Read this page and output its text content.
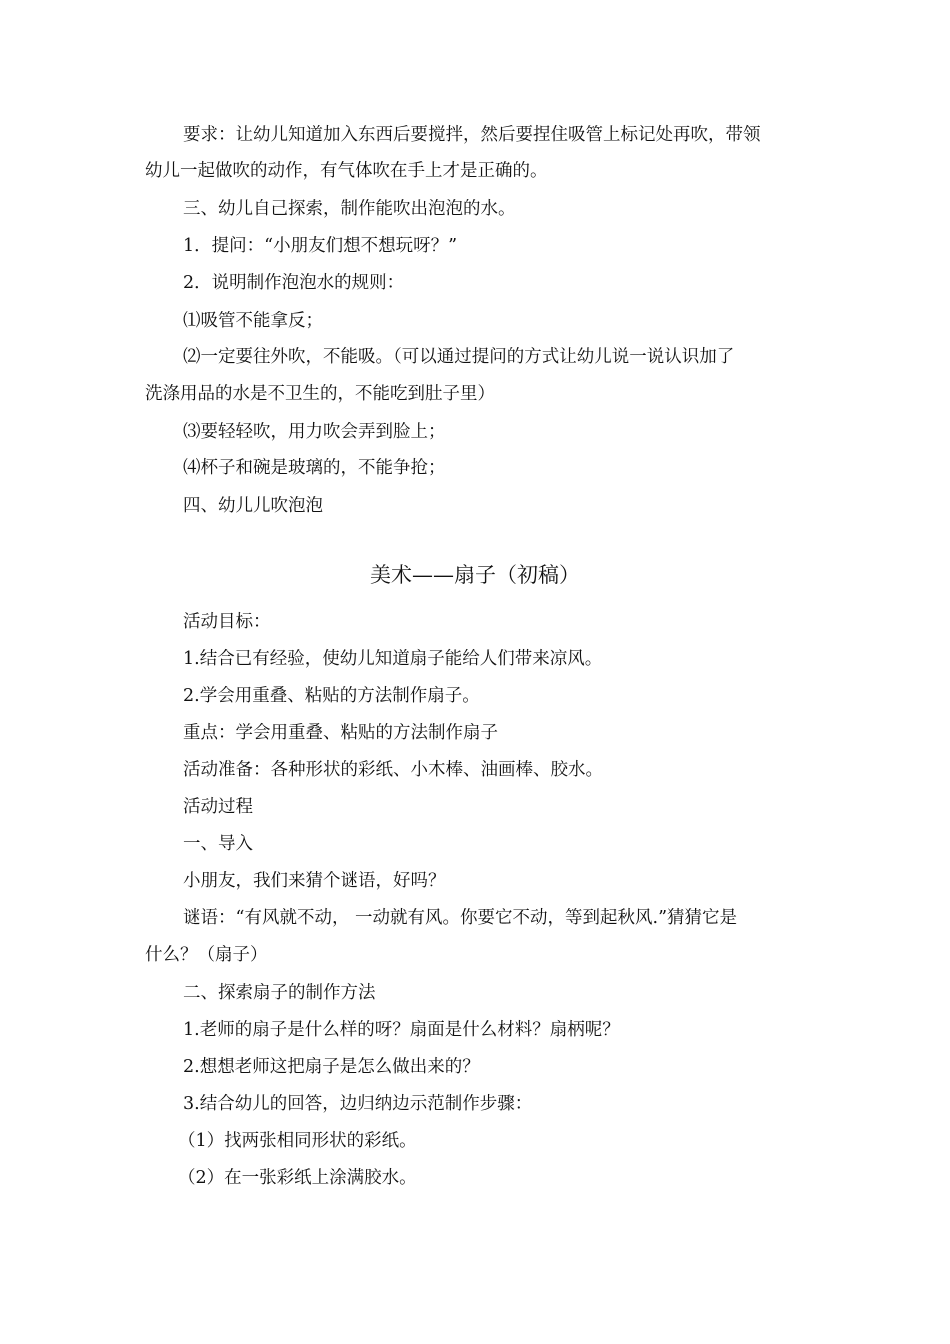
要求：让幼儿知道加入东西后要搅拌，然后要捏住吸管上标记处再吹，带领
幼儿一起做吹的动作，有气体吹在手上才是正确的。
三、幼儿自己探索，制作能吹出泡泡的水。
1．提问：“小朋友们想不想玩呀？”
2．说明制作泡泡水的规则：
⑴吸管不能拿反；
⑵一定要往外吹，不能吸。（可以通过提问的方式让幼儿说一说认识加了
洗涤用品的水是不卫生的，不能吃到肚子里）
⑶要轻轻吹，用力吹会弄到脸上；
⑷杯子和碗是玻璃的，不能争抢；
四、幼儿儿吹泡泡
美术——扇子（初稿）
活动目标：
1.结合已有经验，使幼儿知道扇子能给人们带来凉风。
2.学会用重叠、粘贴的方法制作扇子。
重点：学会用重叠、粘贴的方法制作扇子
活动准备：各种形状的彩纸、小木棒、油画棒、胶水。
活动过程
一、导入
小朋友，我们来猜个谜语，好吗？
谜语：“有风就不动， 一动就有风。你要它不动，等到起秋风.”猜猜它是
什么？（扇子）
二、探索扇子的制作方法
1.老师的扇子是什么样的呀？扇面是什么材料？扇柄呢？
2.想想老师这把扇子是怎么做出来的？
3.结合幼儿的回答，边归纳边示范制作步骤：
（1）找两张相同形状的彩纸。
（2）在一张彩纸上涂满胶水。
